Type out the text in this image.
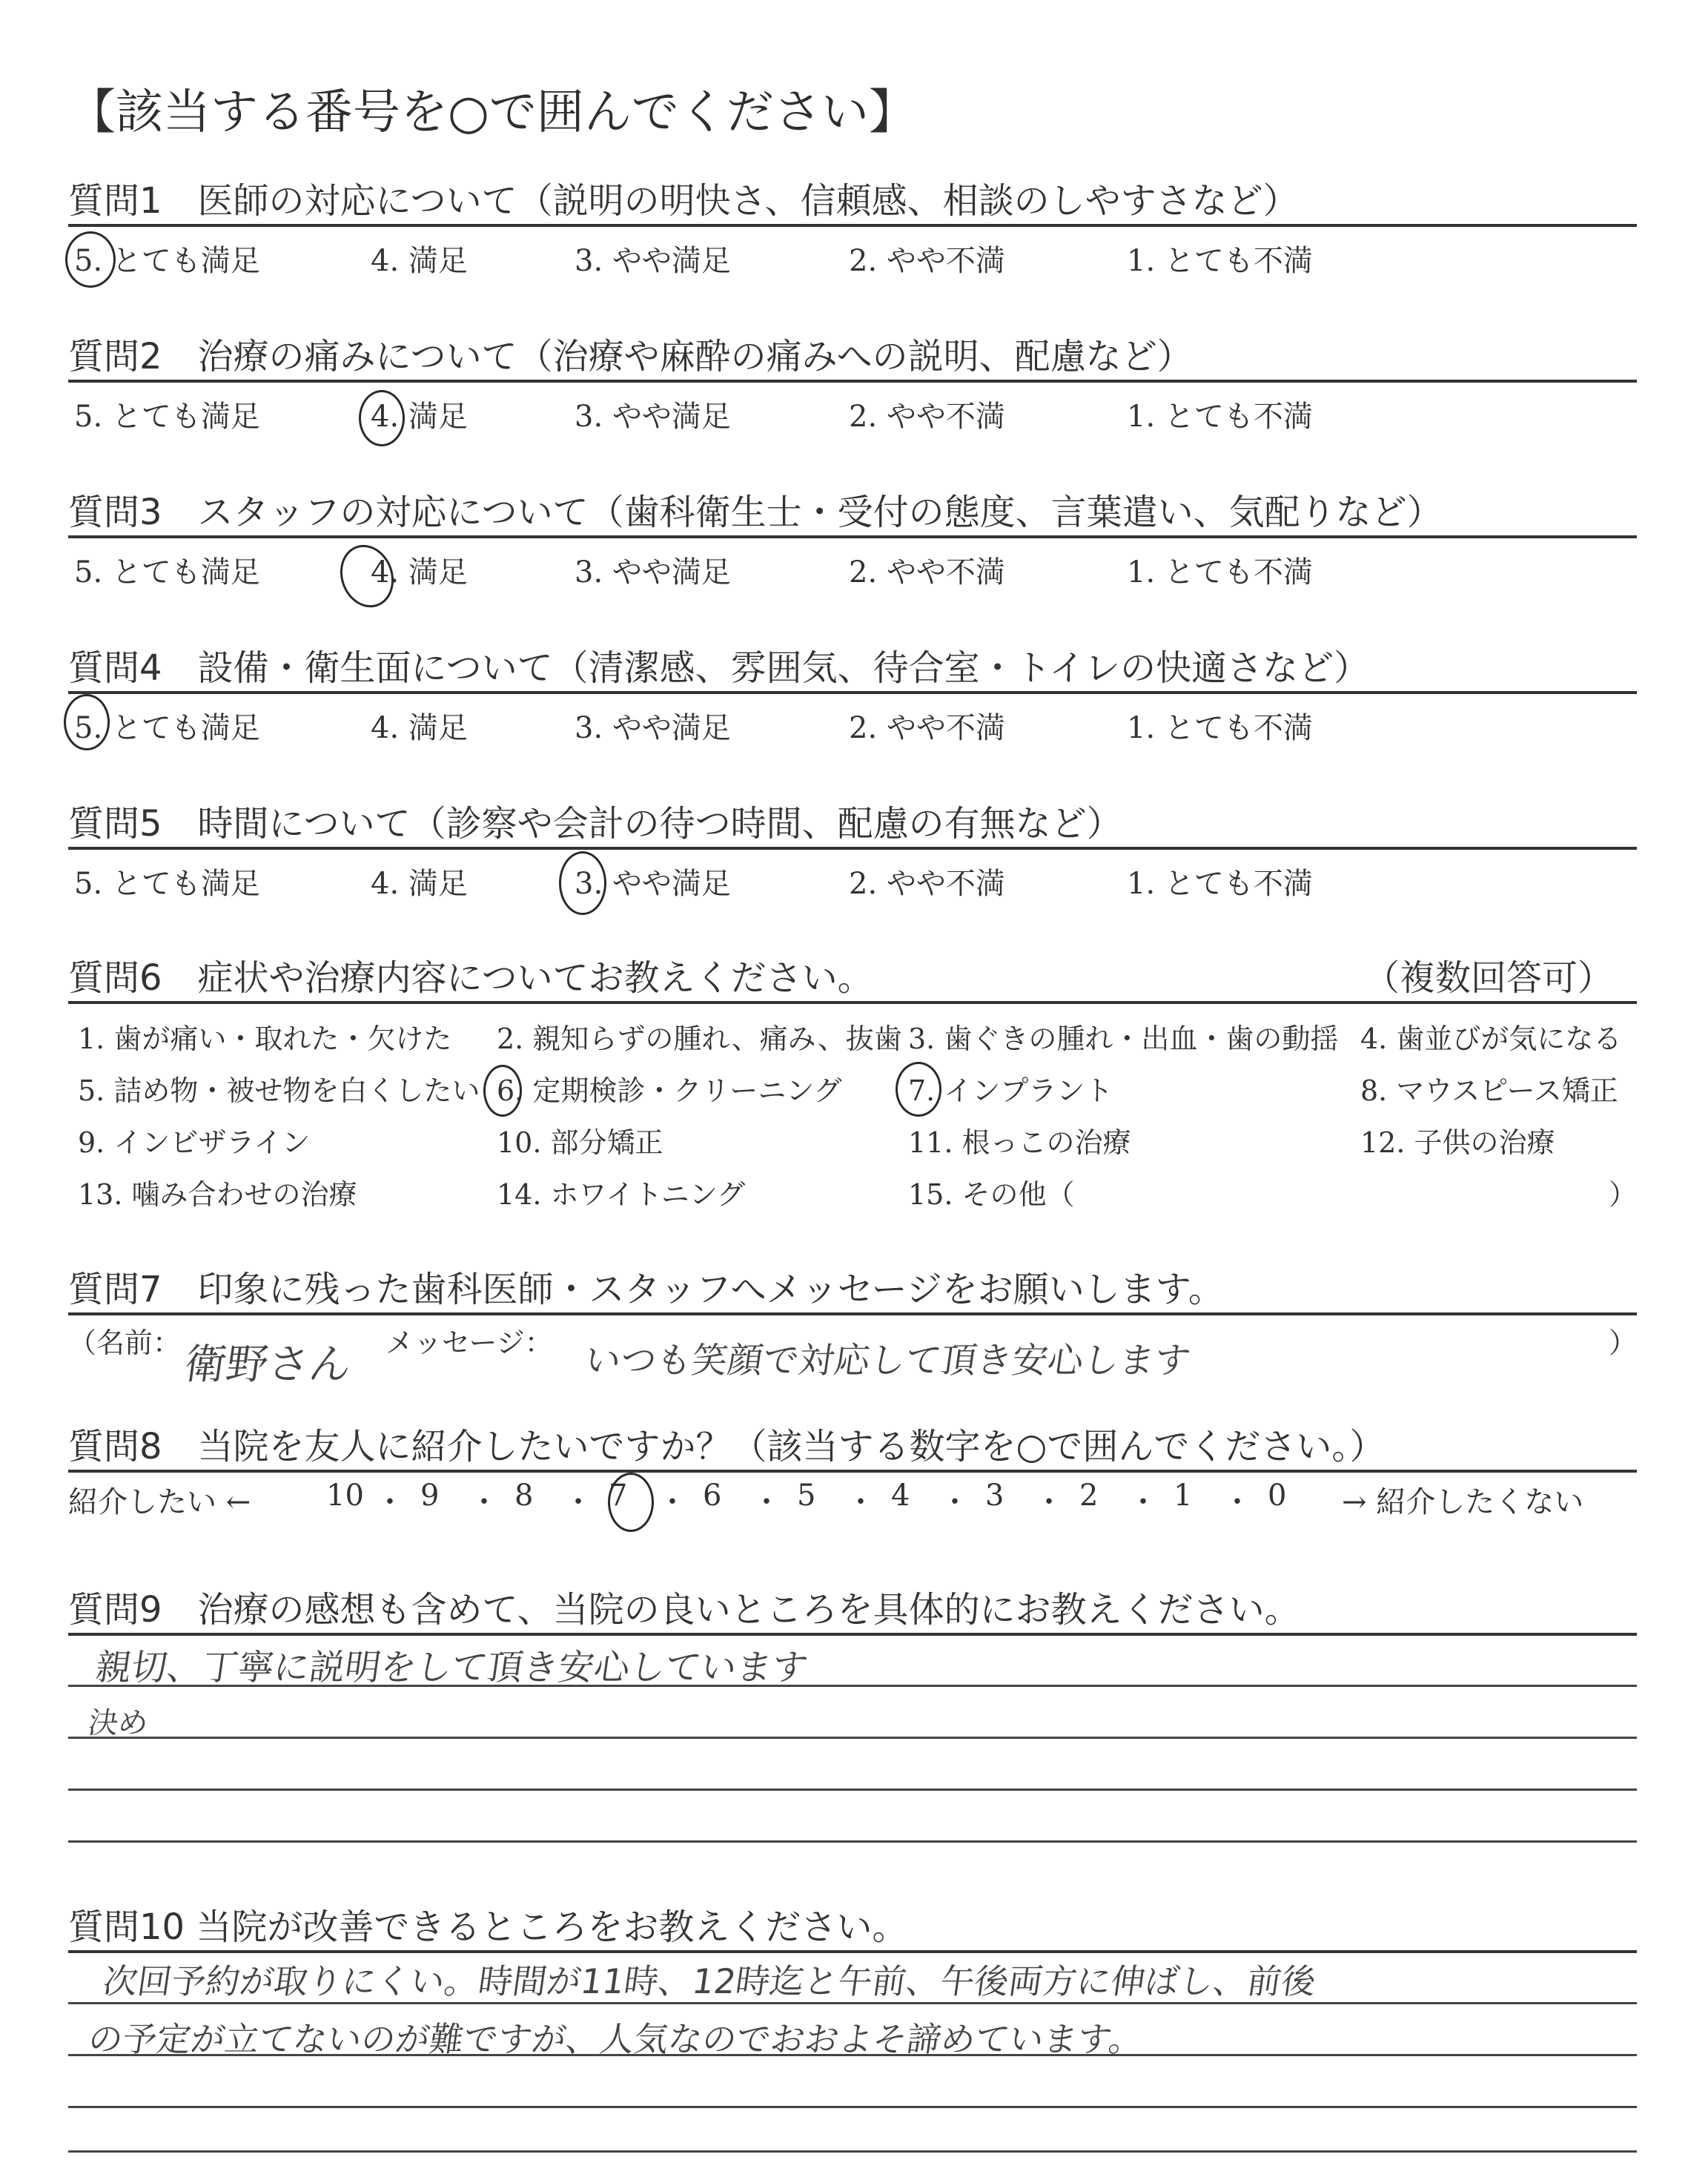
【該当する番号を○で囲んでください】
質問1　医師の対応について（説明の明快さ、信頼感、相談のしやすさなど）
5. とても満足	4. 満足	3. やや満足	2. やや不満	1. とても不満
質問2　治療の痛みについて（治療や麻酔の痛みへの説明、配慮など）
5. とても満足	4. 満足	3. やや満足	2. やや不満	1. とても不満
質問3　スタッフの対応について（歯科衛生士・受付の態度、言葉遣い、気配りなど）
5. とても満足	4. 満足	3. やや満足	2. やや不満	1. とても不満
質問4　設備・衛生面について（清潔感、雰囲気、待合室・トイレの快適さなど）
5. とても満足	4. 満足	3. やや満足	2. やや不満	1. とても不満
質問5　時間について（診察や会計の待つ時間、配慮の有無など）
5. とても満足	4. 満足	3. やや満足	2. やや不満	1. とても不満
質問6　症状や治療内容についてお教えください。	（複数回答可）
1. 歯が痛い・取れた・欠けた 2. 親知らずの腫れ、痛み、抜歯 3. 歯ぐきの腫れ・出血・歯の動揺 4. 歯並びが気になる
5. 詰め物・被せ物を白くしたい 6. 定期検診・クリーニング 7. インプラント	8. マウスピース矯正
9. インビザライン	10. 部分矯正	11. 根っこの治療	12. 子供の治療
13. 噛み合わせの治療	14. ホワイトニング	15. その他（	）
質問7　印象に残った歯科医師・スタッフへメッセージをお願いします。
（名前： 衛野さん メッセージ： いつも笑顔で対応して頂き安心します	）
質問8　当院を友人に紹介したいですか？（該当する数字を○で囲んでください。）
紹介したい ←	→ 紹介したくない
10 ・ 9 ・ 8 ・ 7 ・ 6 ・ 5 ・ 4 ・ 3 ・ 2 ・ 1 ・ 0
質問9　治療の感想も含めて、当院の良いところを具体的にお教えください。
親切、丁寧に説明をして頂き安心しています
決め
質問10 当院が改善できるところをお教えください。
次回予約が取りにくい。時間が11時、12時迄と午前、午後両方に伸ばし、前後
の予定が立てないのが難ですが、人気なのでおおよそ諦めています。
